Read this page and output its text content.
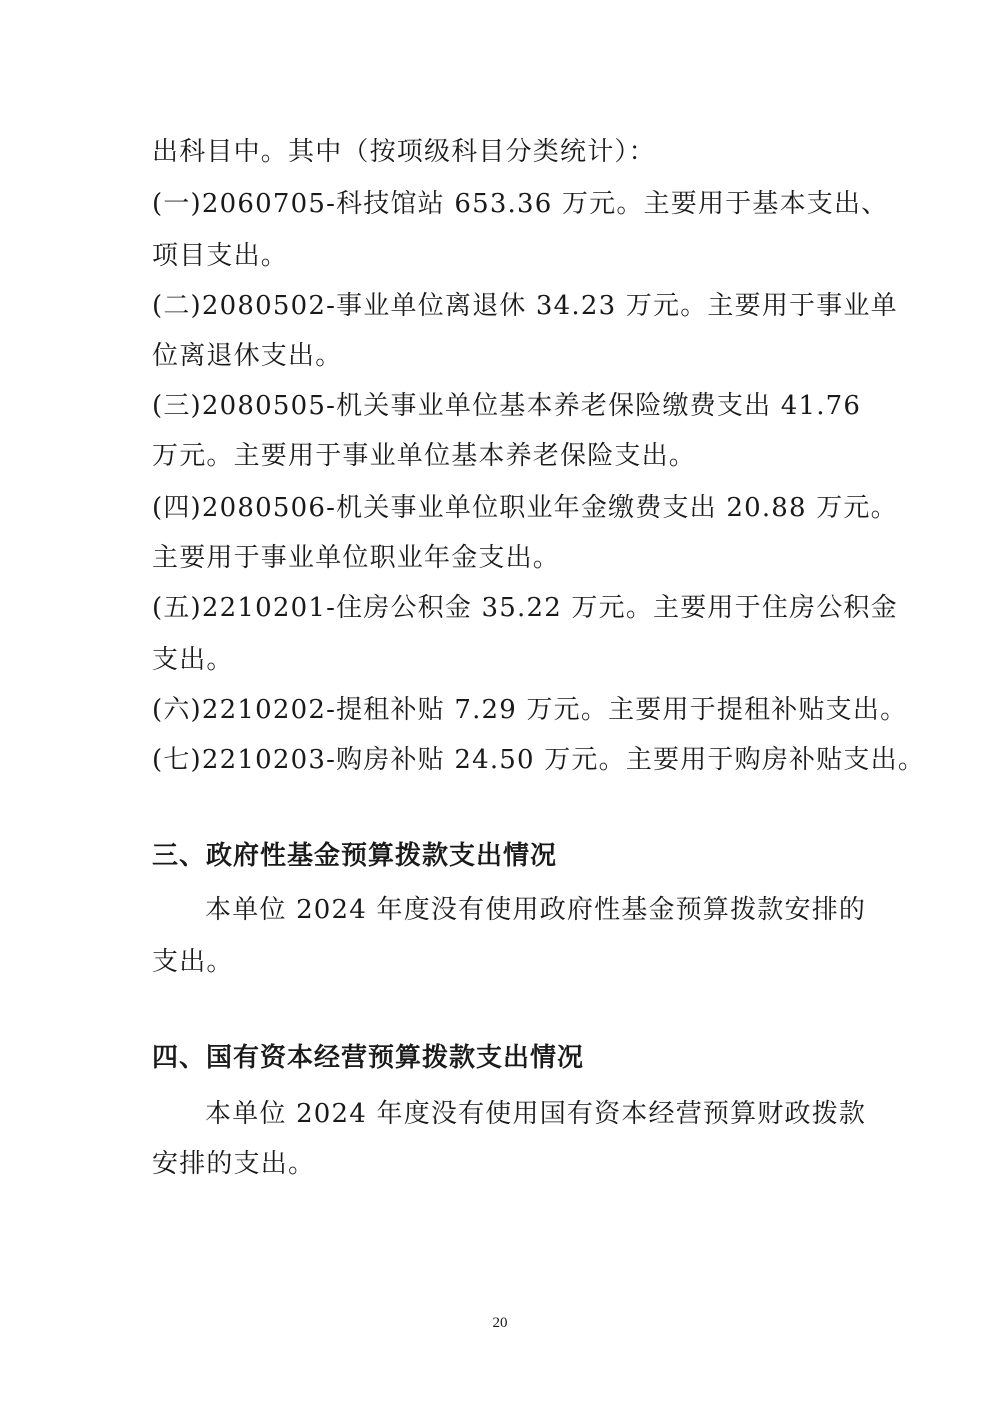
出科目中。其中（按项级科目分类统计）：
(一)2060705-科技馆站 653.36 万元。主要用于基本支出、
项目支出。
(二)2080502-事业单位离退休 34.23 万元。主要用于事业单
位离退休支出。
(三)2080505-机关事业单位基本养老保险缴费支出 41.76
万元。主要用于事业单位基本养老保险支出。
(四)2080506-机关事业单位职业年金缴费支出 20.88 万元。
主要用于事业单位职业年金支出。
(五)2210201-住房公积金 35.22 万元。主要用于住房公积金
支出。
(六)2210202-提租补贴 7.29 万元。主要用于提租补贴支出。
(七)2210203-购房补贴 24.50 万元。主要用于购房补贴支出。
三、政府性基金预算拨款支出情况
本单位 2024 年度没有使用政府性基金预算拨款安排的
支出。
四、国有资本经营预算拨款支出情况
本单位 2024 年度没有使用国有资本经营预算财政拨款
安排的支出。
20
